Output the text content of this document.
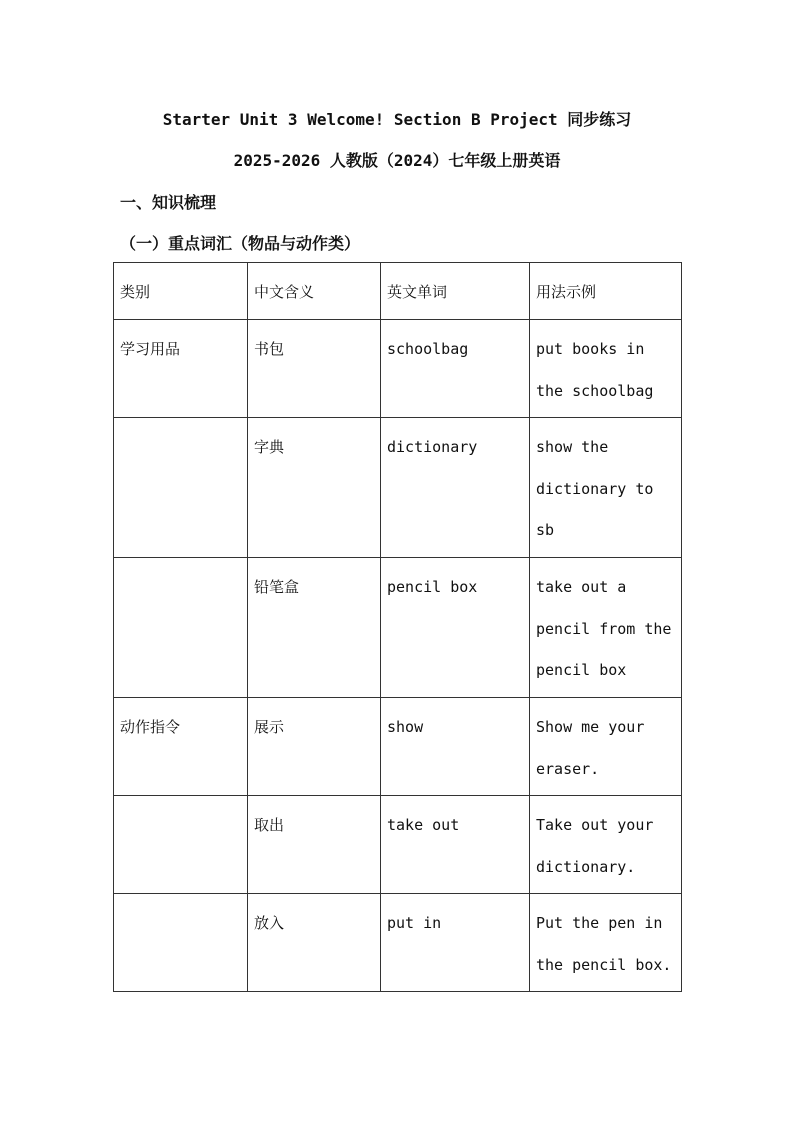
Starter Unit 3 Welcome! Section B Project 同步练习
2025-2026 人教版（2024）七年级上册英语
一、知识梳理
（一）重点词汇（物品与动作类）
类别	中文含义	英文单词	用法示例

学习用品	书包	schoolbag	put books in the schoolbag

	字典	dictionary	show the dictionary to sb

	铅笔盒	pencil box	take out a pencil from the pencil box

动作指令	展示	show	Show me your eraser.

	取出	take out	Take out your dictionary.

	放入	put in	Put the pen in the pencil box.
